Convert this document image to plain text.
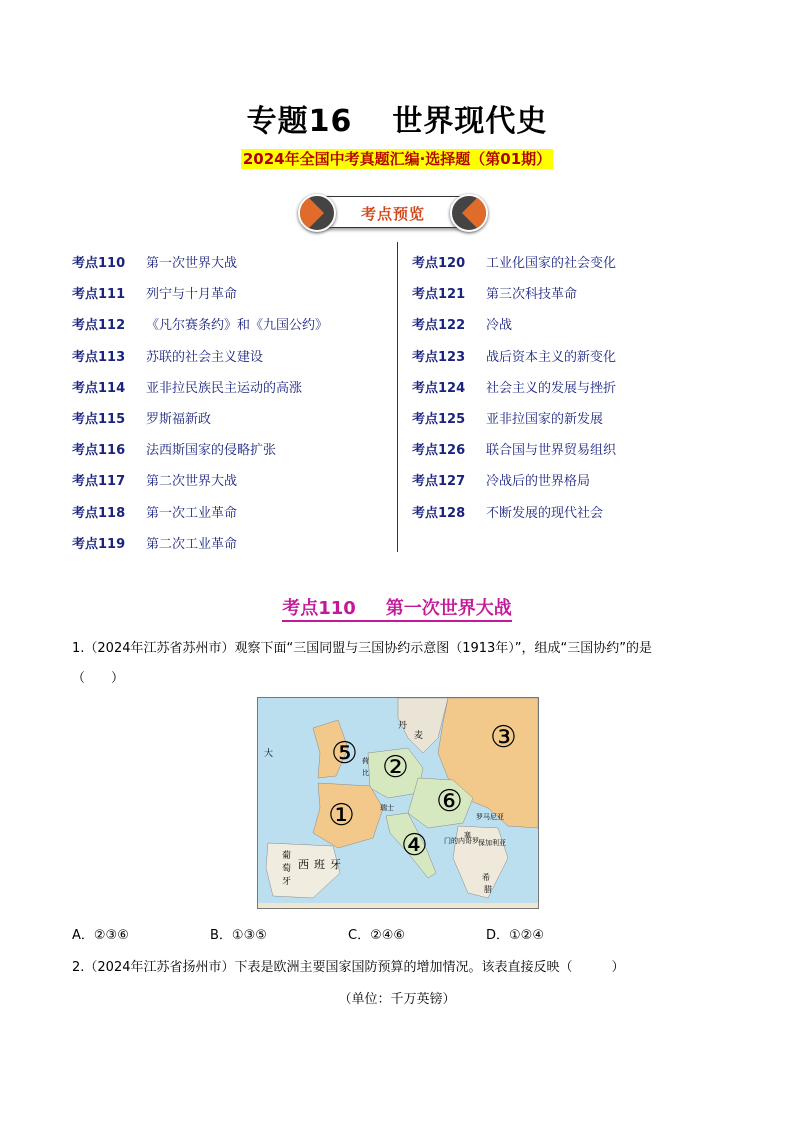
专题16 世界现代史
2024年全国中考真题汇编·选择题（第01期）
考点预览
考点110	第一次世界大战
考点111	列宁与十月革命
考点112	《凡尔赛条约》和《九国公约》
考点113	苏联的社会主义建设
考点114	亚非拉民族民主运动的高涨
考点115	罗斯福新政
考点116	法西斯国家的侵略扩张
考点117	第二次世界大战
考点118	第一次工业革命
考点119	第二次工业革命
考点120	工业化国家的社会变化
考点121	第三次科技革命
考点122	冷战
考点123	战后资本主义的新变化
考点124	社会主义的发展与挫折
考点125	亚非拉国家的新发展
考点126	联合国与世界贸易组织
考点127	冷战后的世界格局
考点128	不断发展的现代社会
考点110 第一次世界大战
1.（2024年江苏省苏州市）观察下面“三国同盟与三国协约示意图（1913年）”，组成“三国协约”的是
（　　）
①
②
③
④
⑤
⑥
丹
麦
大
葡
萄
牙
西 班 牙
瑞士
罗马尼亚
保加利亚
塞
门的内哥罗
希
腊
荷
比
A．②③⑥	B．①③⑤	C．②④⑥	D．①②④
2.（2024年江苏省扬州市）下表是欧洲主要国家国防预算的增加情况。该表直接反映（　　　）
（单位：千万英镑）
